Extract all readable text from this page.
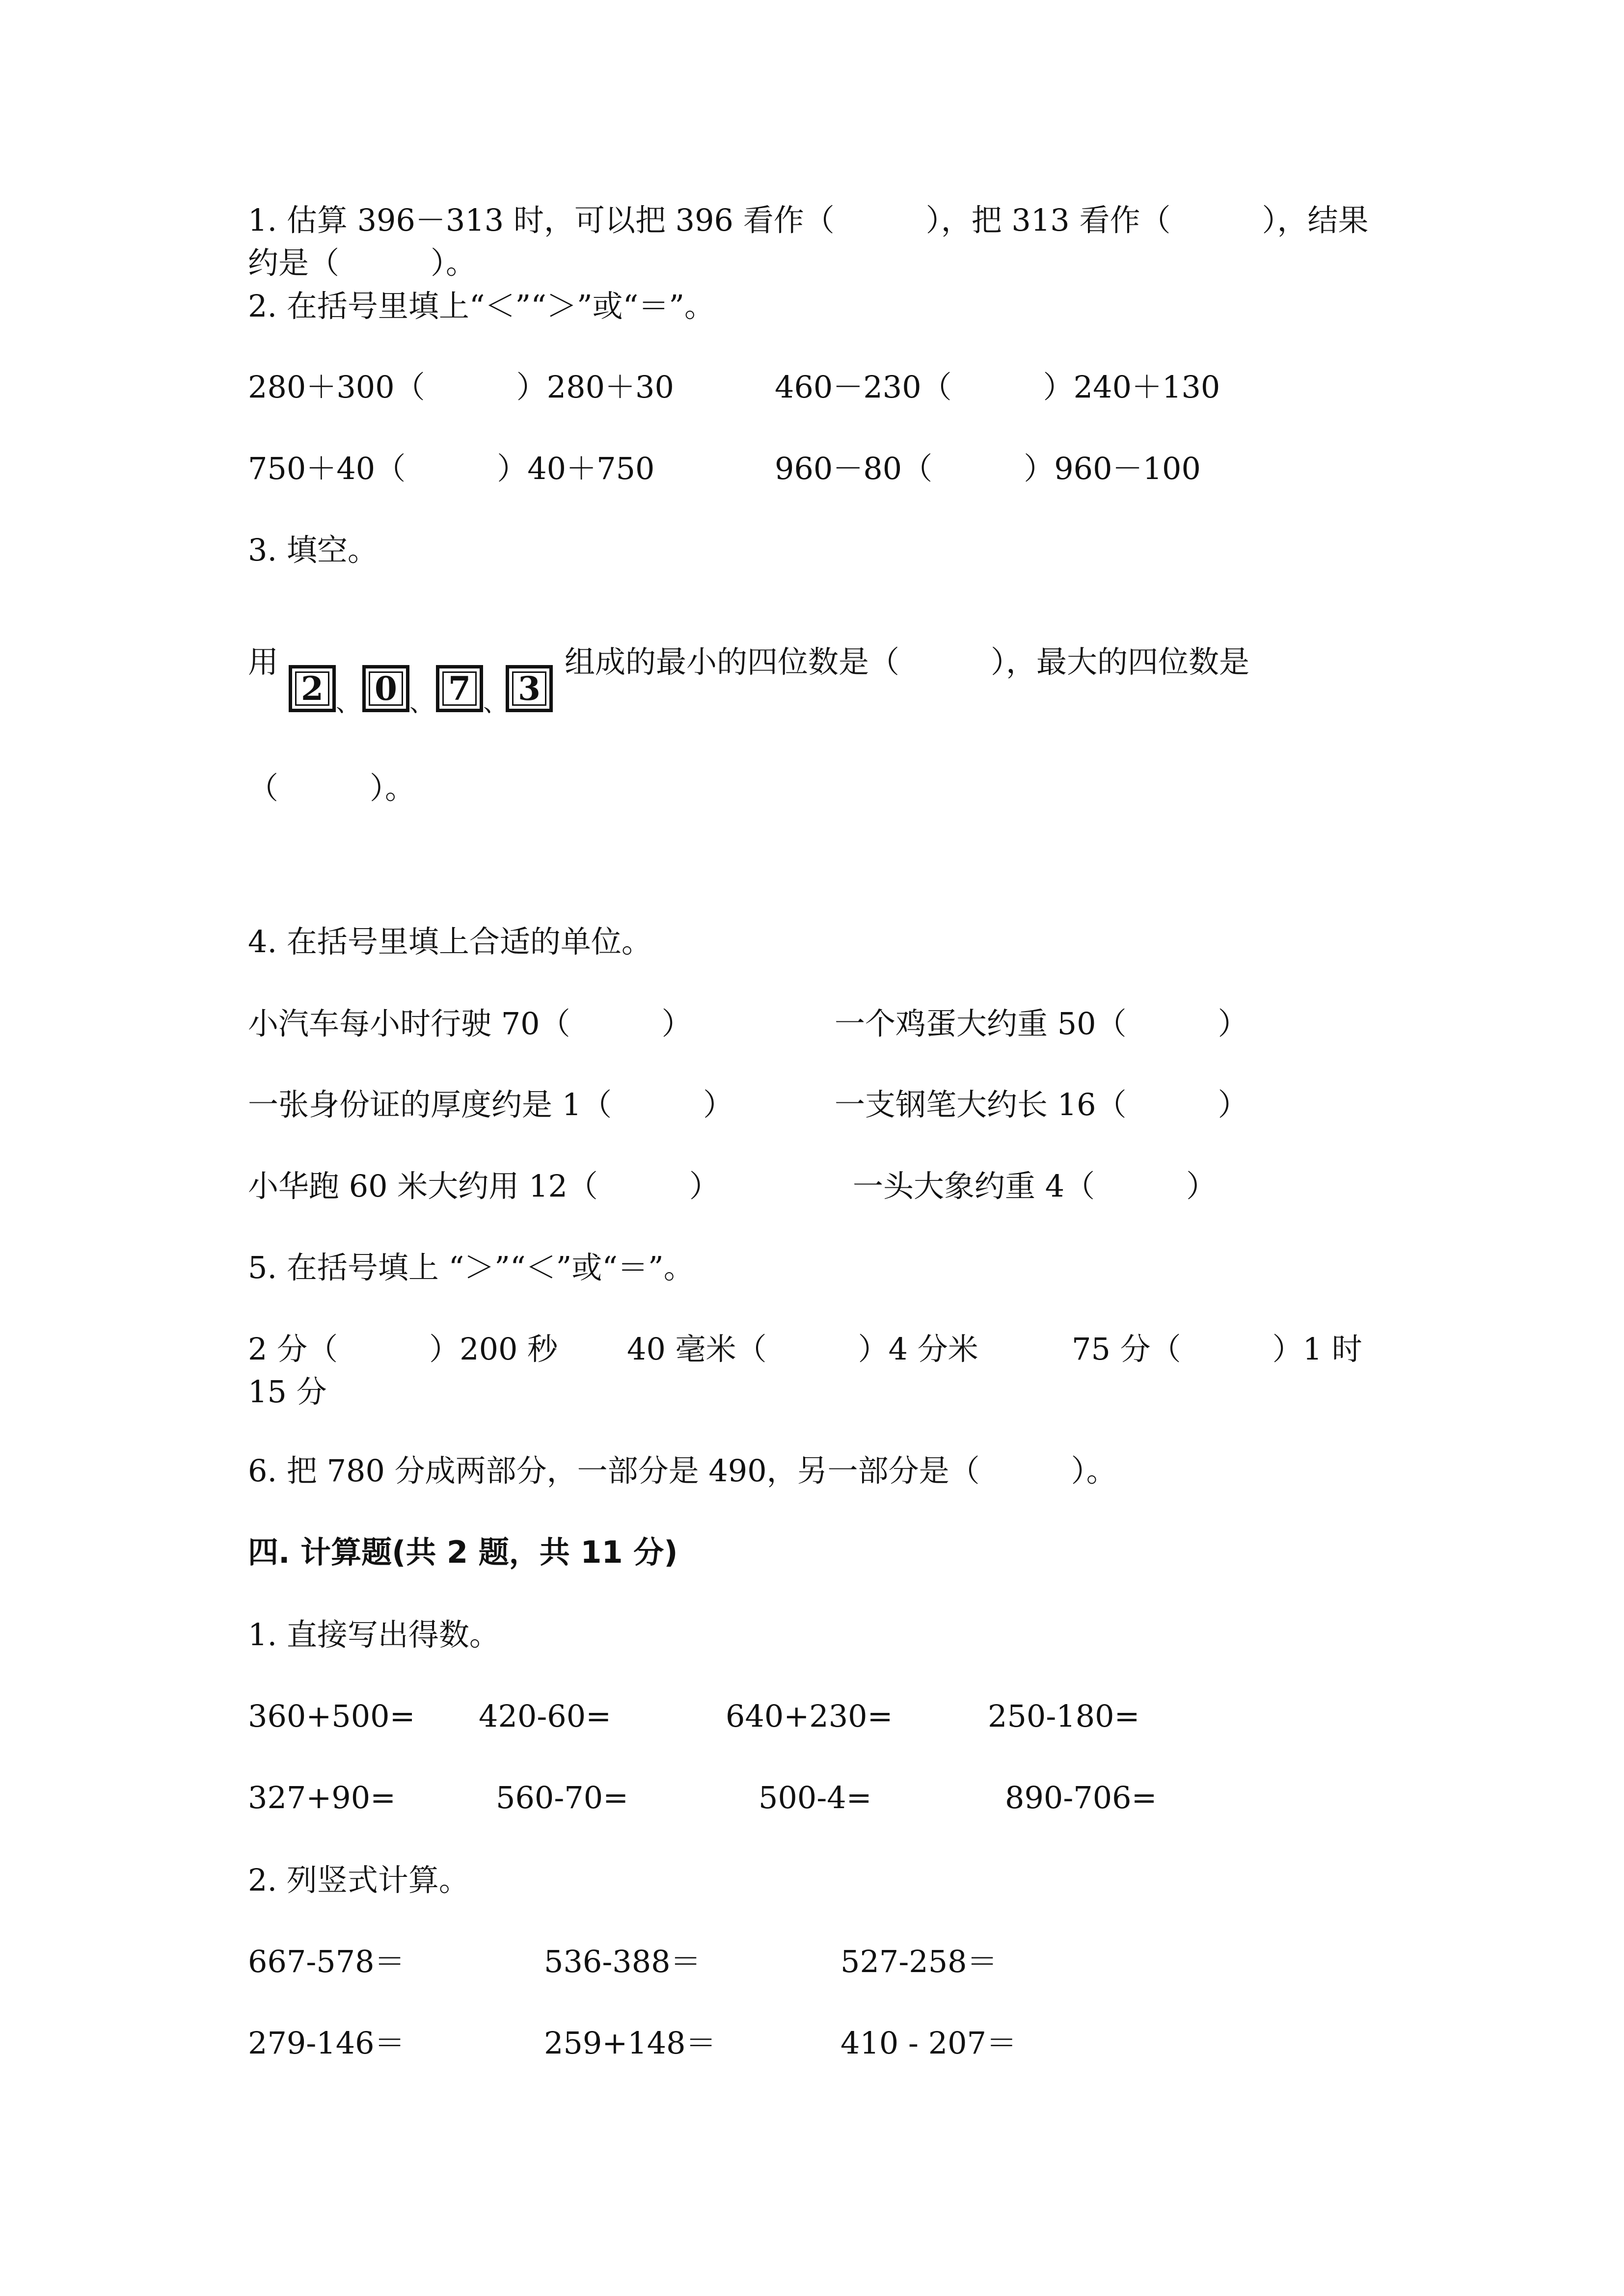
1. 估算 396－313 时，可以把 396 看作（　　　），把 313 看作（　　　），结果
约是（　　　）。
2. 在括号里填上“＜”“＞”或“＝”。
280＋300（　　　）280＋30	460－230（　　　）240＋130
750＋40（　　　）40＋750	960－80（　　　）960－100
3. 填空。
用
2 、 0 、 7 、 3
组成的最小的四位数是（　　　），最大的四位数是
（　　　）。
4. 在括号里填上合适的单位。
小汽车每小时行驶 70（　　　）	一个鸡蛋大约重 50（　　　）
一张身份证的厚度约是 1（　　　）	一支钢笔大约长 16（　　　）
小华跑 60 米大约用 12（　　　）	一头大象约重 4（　　　）
5. 在括号填上 “＞”“＜”或“＝”。
2 分（　　　）200 秒 40 毫米（　　　）4 分米	75 分（　　　）1 时
15 分
6. 把 780 分成两部分，一部分是 490，另一部分是（　　　）。
四. 计算题(共 2 题，共 11 分)
1. 直接写出得数。
360+500= 420-60=	640+230=	250-180=
327+90=	560-70=	500-4=	890-706=
2. 列竖式计算。
667-578＝	536-388＝	527-258＝
279-146＝	259+148＝	410 - 207＝
